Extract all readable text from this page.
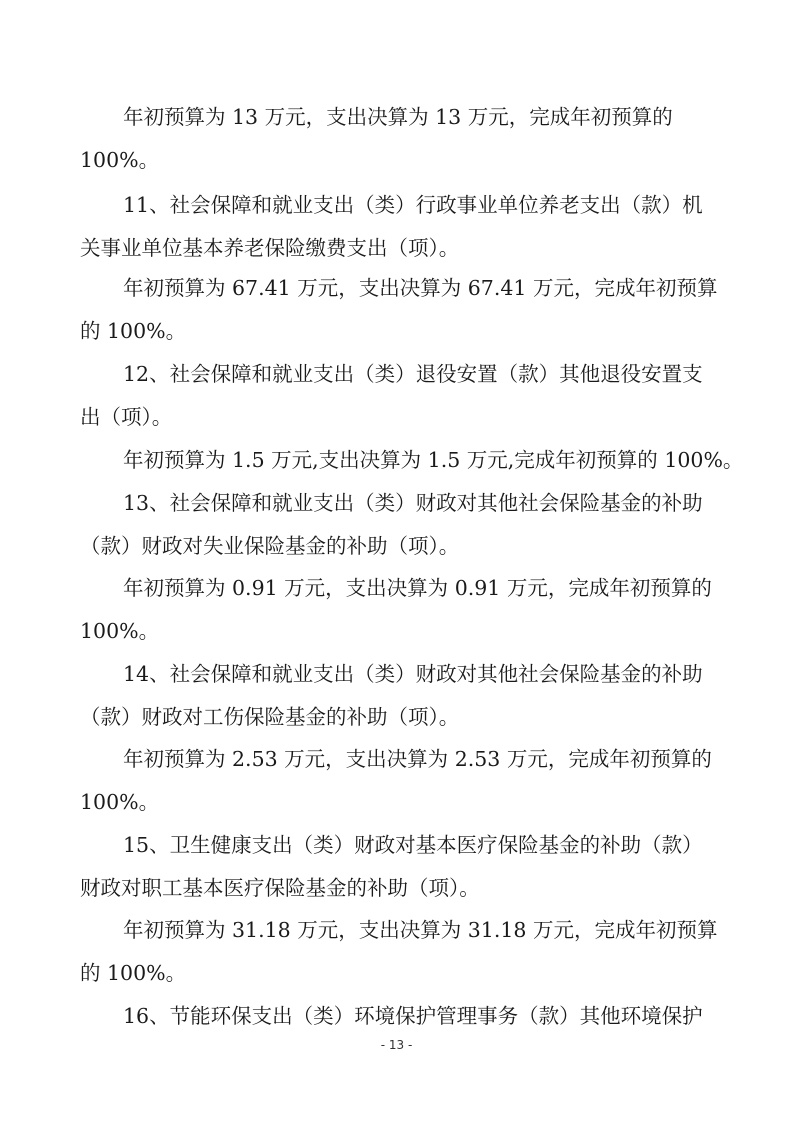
年初预算为 13 万元，支出决算为 13 万元，完成年初预算的
100%。
11、社会保障和就业支出（类）行政事业单位养老支出（款）机
关事业单位基本养老保险缴费支出（项）。
年初预算为 67.41 万元，支出决算为 67.41 万元，完成年初预算
的 100%。
12、社会保障和就业支出（类）退役安置（款）其他退役安置支
出（项）。
年初预算为 1.5 万元,支出决算为 1.5 万元,完成年初预算的 100%。
13、社会保障和就业支出（类）财政对其他社会保险基金的补助
（款）财政对失业保险基金的补助（项）。
年初预算为 0.91 万元，支出决算为 0.91 万元，完成年初预算的
100%。
14、社会保障和就业支出（类）财政对其他社会保险基金的补助
（款）财政对工伤保险基金的补助（项）。
年初预算为 2.53 万元，支出决算为 2.53 万元，完成年初预算的
100%。
15、卫生健康支出（类）财政对基本医疗保险基金的补助（款）
财政对职工基本医疗保险基金的补助（项）。
年初预算为 31.18 万元，支出决算为 31.18 万元，完成年初预算
的 100%。
16、节能环保支出（类）环境保护管理事务（款）其他环境保护
- 13 -
